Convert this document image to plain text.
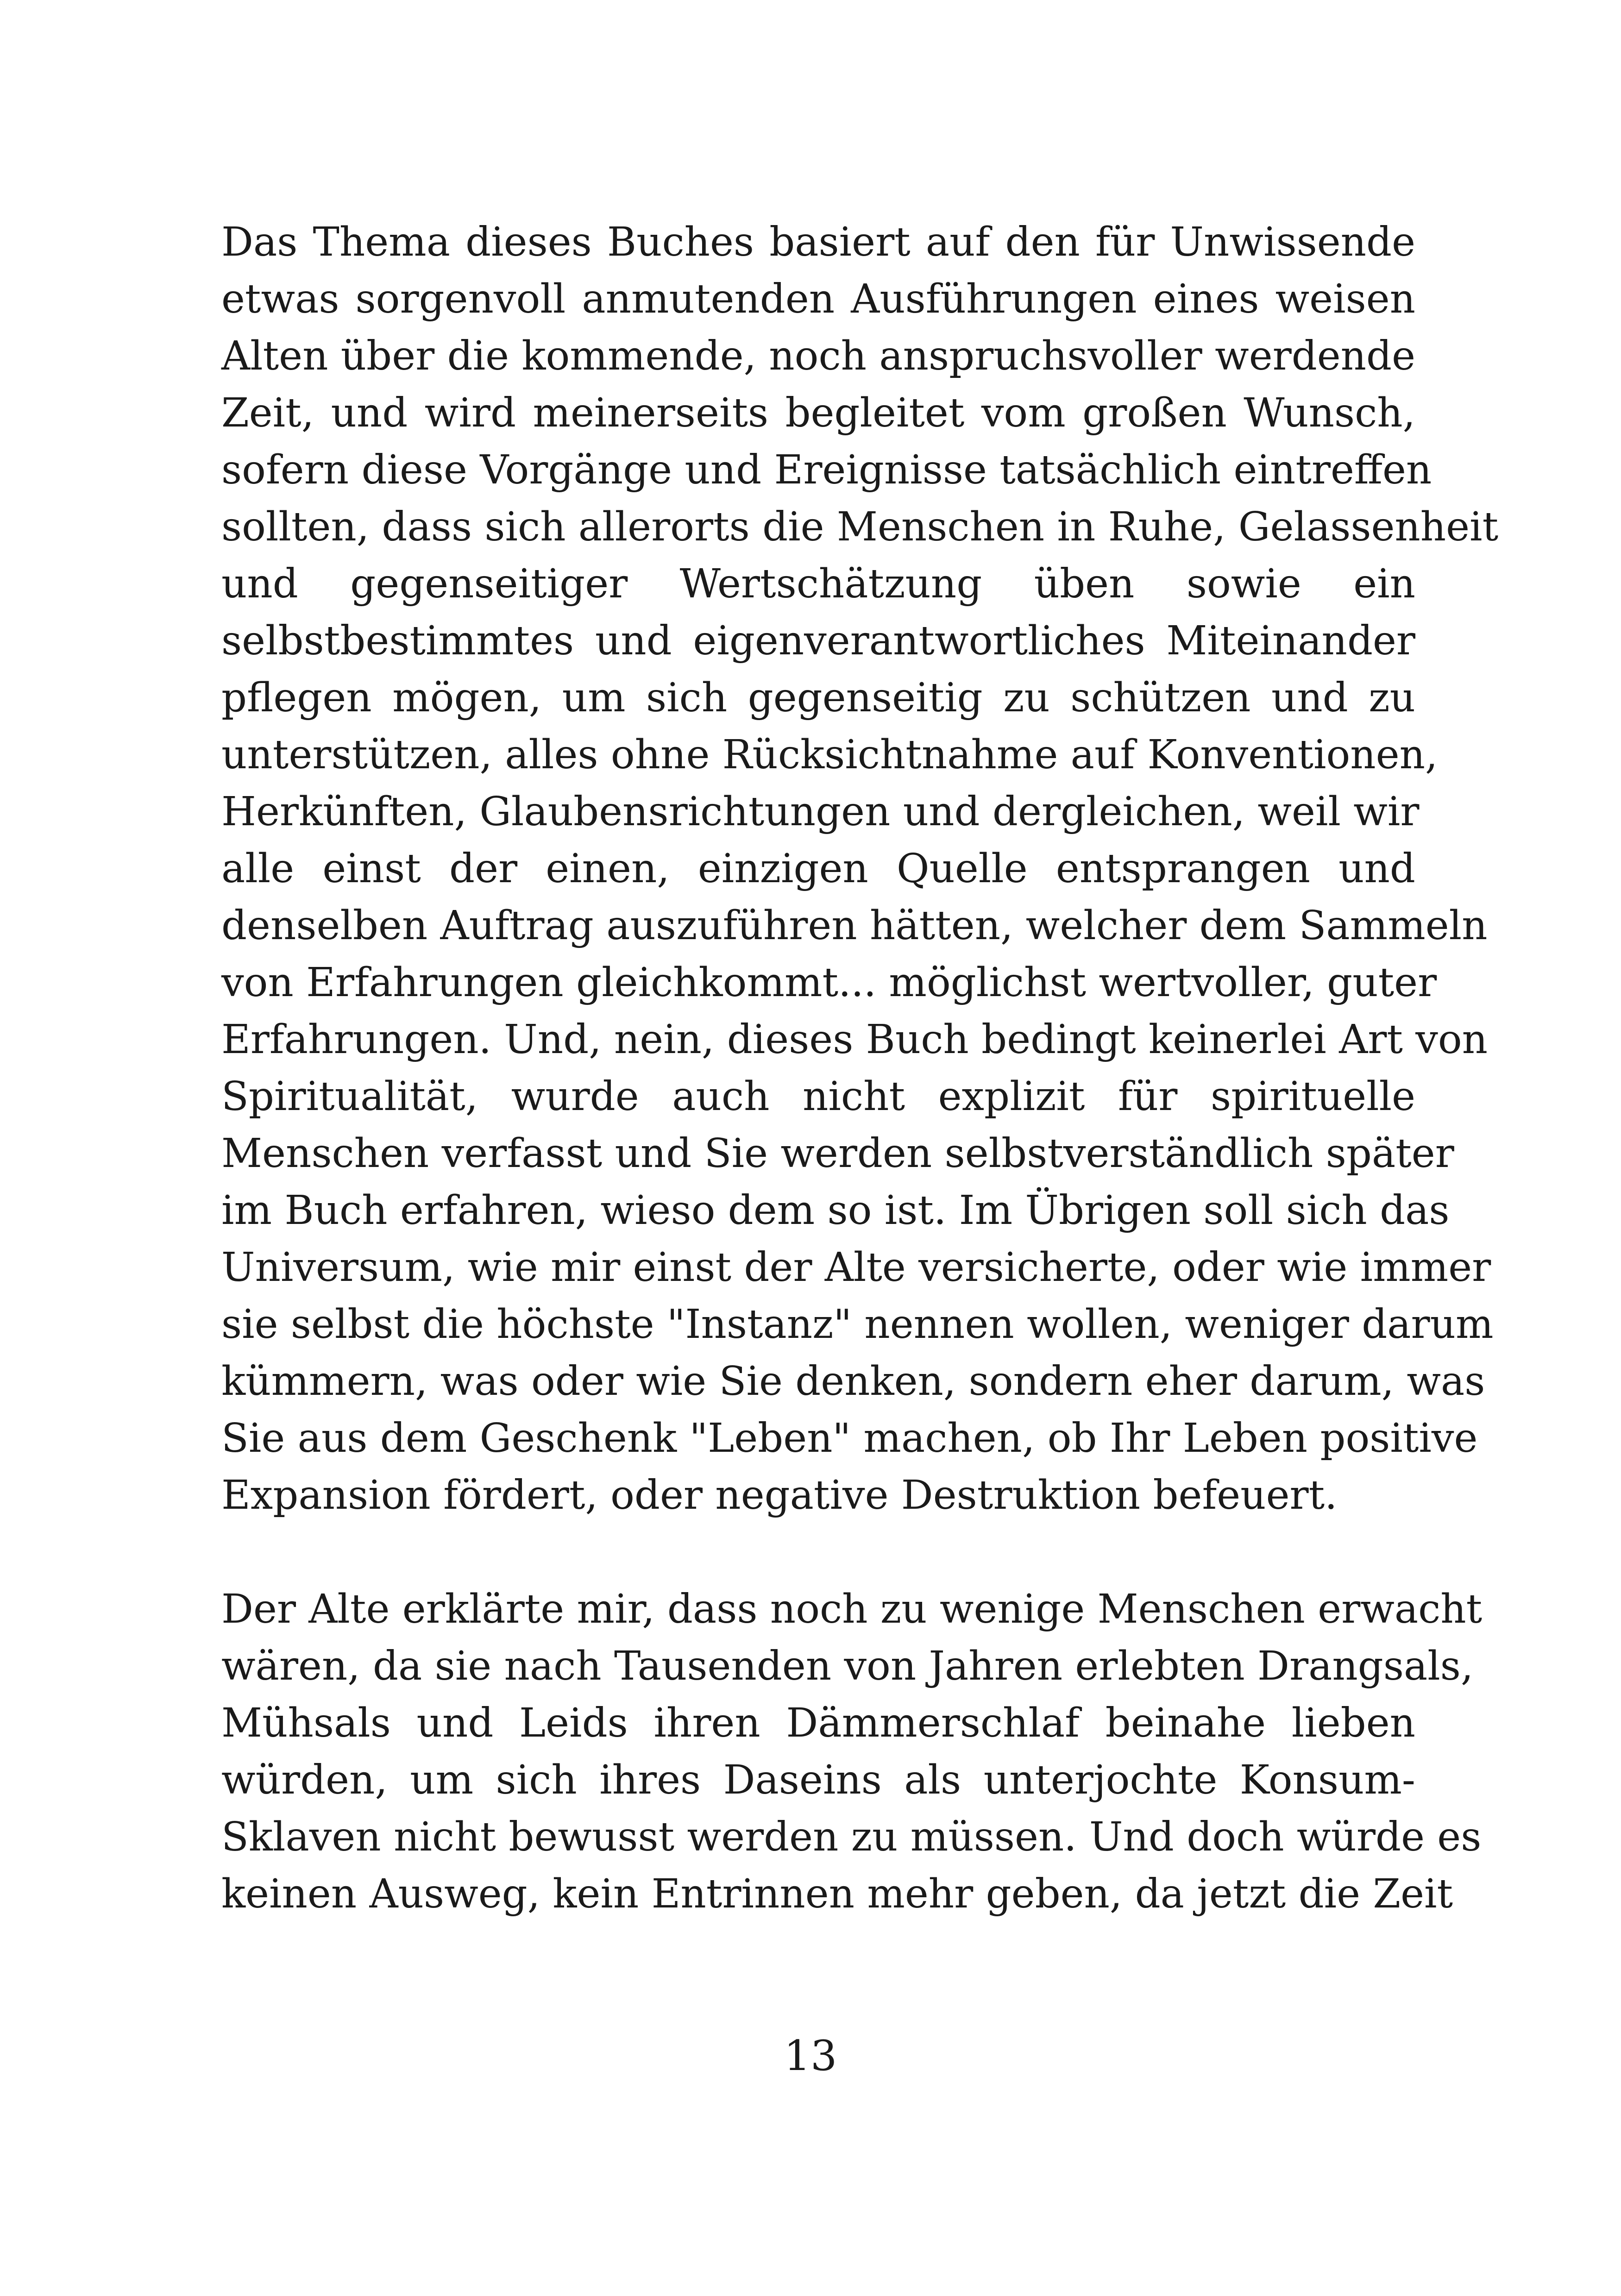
Das Thema dieses Buches basiert auf den für Unwissende
etwas sorgenvoll anmutenden Ausführungen eines weisen
Alten über die kommende, noch anspruchsvoller werdende
Zeit, und wird meinerseits begleitet vom großen Wunsch,
sofern diese Vorgänge und Ereignisse tatsächlich eintreffen
sollten, dass sich allerorts die Menschen in Ruhe, Gelassenheit
und gegenseitiger Wertschätzung üben sowie ein
selbstbestimmtes und eigenverantwortliches Miteinander
pflegen mögen, um sich gegenseitig zu schützen und zu
unterstützen, alles ohne Rücksichtnahme auf Konventionen,
Herkünften, Glaubensrichtungen und dergleichen, weil wir
alle einst der einen, einzigen Quelle entsprangen und
denselben Auftrag auszuführen hätten, welcher dem Sammeln
von Erfahrungen gleichkommt... möglichst wertvoller, guter
Erfahrungen. Und, nein, dieses Buch bedingt keinerlei Art von
Spiritualität, wurde auch nicht explizit für spirituelle
Menschen verfasst und Sie werden selbstverständlich später
im Buch erfahren, wieso dem so ist. Im Übrigen soll sich das
Universum, wie mir einst der Alte versicherte, oder wie immer
sie selbst die höchste "Instanz" nennen wollen, weniger darum
kümmern, was oder wie Sie denken, sondern eher darum, was
Sie aus dem Geschenk "Leben" machen, ob Ihr Leben positive
Expansion fördert, oder negative Destruktion befeuert.
Der Alte erklärte mir, dass noch zu wenige Menschen erwacht
wären, da sie nach Tausenden von Jahren erlebten Drangsals,
Mühsals und Leids ihren Dämmerschlaf beinahe lieben
würden, um sich ihres Daseins als unterjochte Konsum-
Sklaven nicht bewusst werden zu müssen. Und doch würde es
keinen Ausweg, kein Entrinnen mehr geben, da jetzt die Zeit
13
